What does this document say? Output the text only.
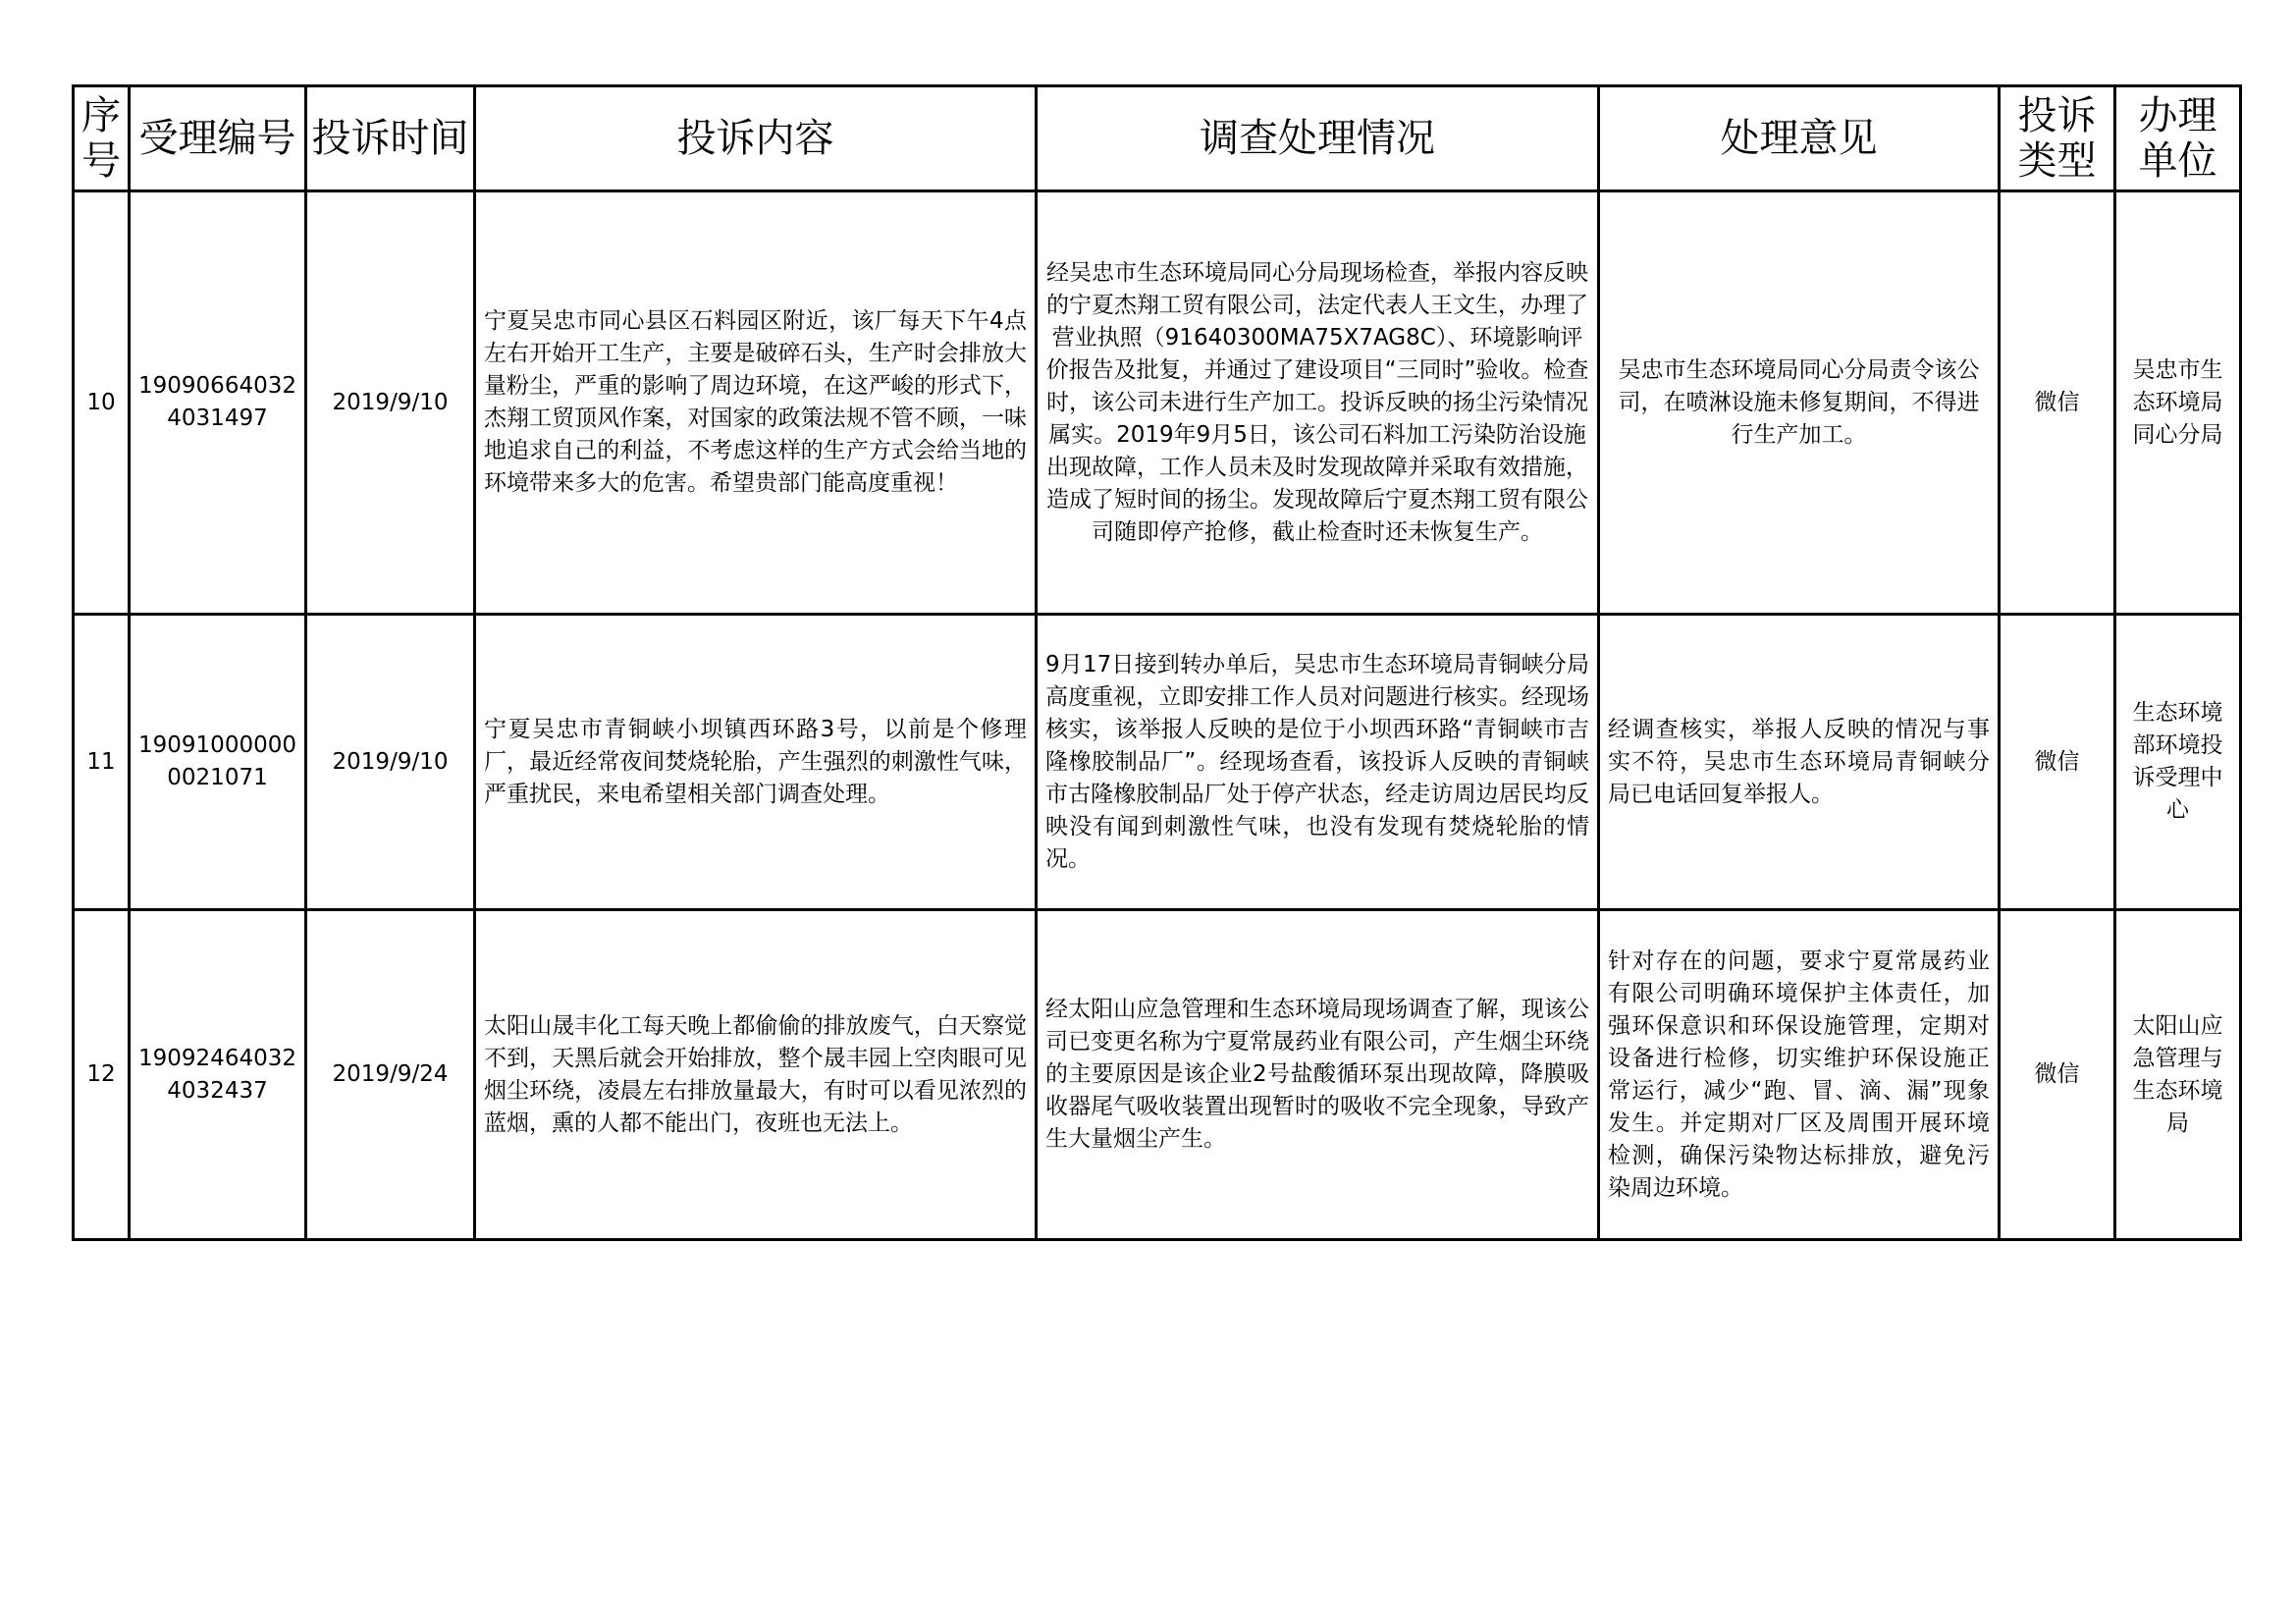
序号	受理编号	投诉时间	投诉内容	调查处理情况	处理意见	投诉类型	办理单位
10	190906640324031497	2019/9/10	宁夏吴忠市同心县区石料园区附近，该厂每天下午4点左右开始开工生产，主要是破碎石头，生产时会排放大量粉尘，严重的影响了周边环境，在这严峻的形式下，杰翔工贸顶风作案，对国家的政策法规不管不顾，一味地追求自己的利益，不考虑这样的生产方式会给当地的环境带来多大的危害。希望贵部门能高度重视！	经吴忠市生态环境局同心分局现场检查，举报内容反映的宁夏杰翔工贸有限公司，法定代表人王文生，办理了营业执照（91640300MA75X7AG8C）、环境影响评价报告及批复，并通过了建设项目“三同时”验收。检查时，该公司未进行生产加工。投诉反映的扬尘污染情况属实。2019年9月5日，该公司石料加工污染防治设施出现故障，工作人员未及时发现故障并采取有效措施，造成了短时间的扬尘。发现故障后宁夏杰翔工贸有限公司随即停产抢修，截止检查时还未恢复生产。	吴忠市生态环境局同心分局责令该公司，在喷淋设施未修复期间，不得进行生产加工。	微信	吴忠市生态环境局同心分局
11	190910000000021071	2019/9/10	宁夏吴忠市青铜峡小坝镇西环路3号，以前是个修理厂，最近经常夜间焚烧轮胎，产生强烈的刺激性气味，严重扰民，来电希望相关部门调查处理。	9月17日接到转办单后，吴忠市生态环境局青铜峡分局高度重视，立即安排工作人员对问题进行核实。经现场核实，该举报人反映的是位于小坝西环路“青铜峡市吉隆橡胶制品厂”。经现场查看，该投诉人反映的青铜峡市古隆橡胶制品厂处于停产状态，经走访周边居民均反映没有闻到刺激性气味，也没有发现有焚烧轮胎的情况。	经调查核实，举报人反映的情况与事实不符，吴忠市生态环境局青铜峡分局已电话回复举报人。	微信	生态环境部环境投诉受理中心
12	190924640324032437	2019/9/24	太阳山晟丰化工每天晚上都偷偷的排放废气，白天察觉不到，天黑后就会开始排放，整个晟丰园上空肉眼可见烟尘环绕，凌晨左右排放量最大，有时可以看见浓烈的蓝烟，熏的人都不能出门，夜班也无法上。	经太阳山应急管理和生态环境局现场调查了解，现该公司已变更名称为宁夏常晟药业有限公司，产生烟尘环绕的主要原因是该企业2号盐酸循环泵出现故障，降膜吸收器尾气吸收装置出现暂时的吸收不完全现象，导致产生大量烟尘产生。	针对存在的问题，要求宁夏常晟药业有限公司明确环境保护主体责任，加强环保意识和环保设施管理，定期对设备进行检修，切实维护环保设施正常运行，减少“跑、冒、滴、漏”现象发生。并定期对厂区及周围开展环境检测，确保污染物达标排放，避免污染周边环境。	微信	太阳山应急管理与生态环境局
